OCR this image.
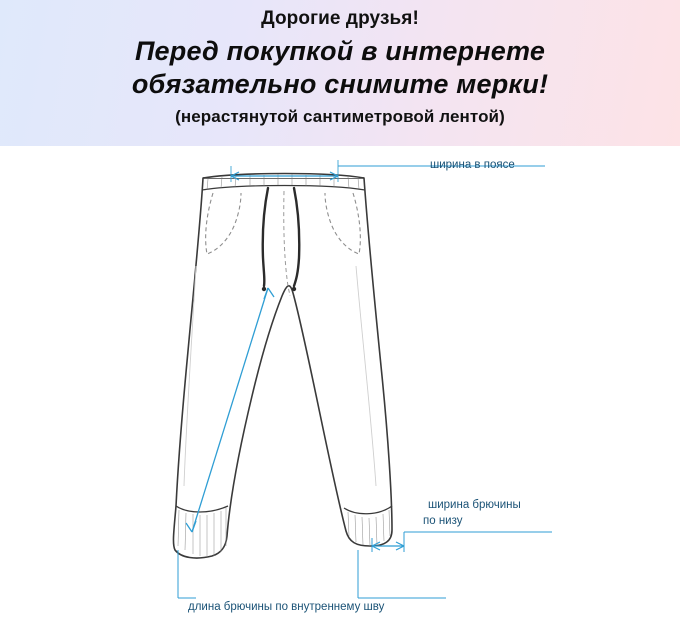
Дорогие друзья!
Перед покупкой в интернете
обязательно снимите мерки!
(нерастянутой сантиметровой лентой)
ширина в поясе
ширина брючины
по низу
длина брючины по внутреннему шву
